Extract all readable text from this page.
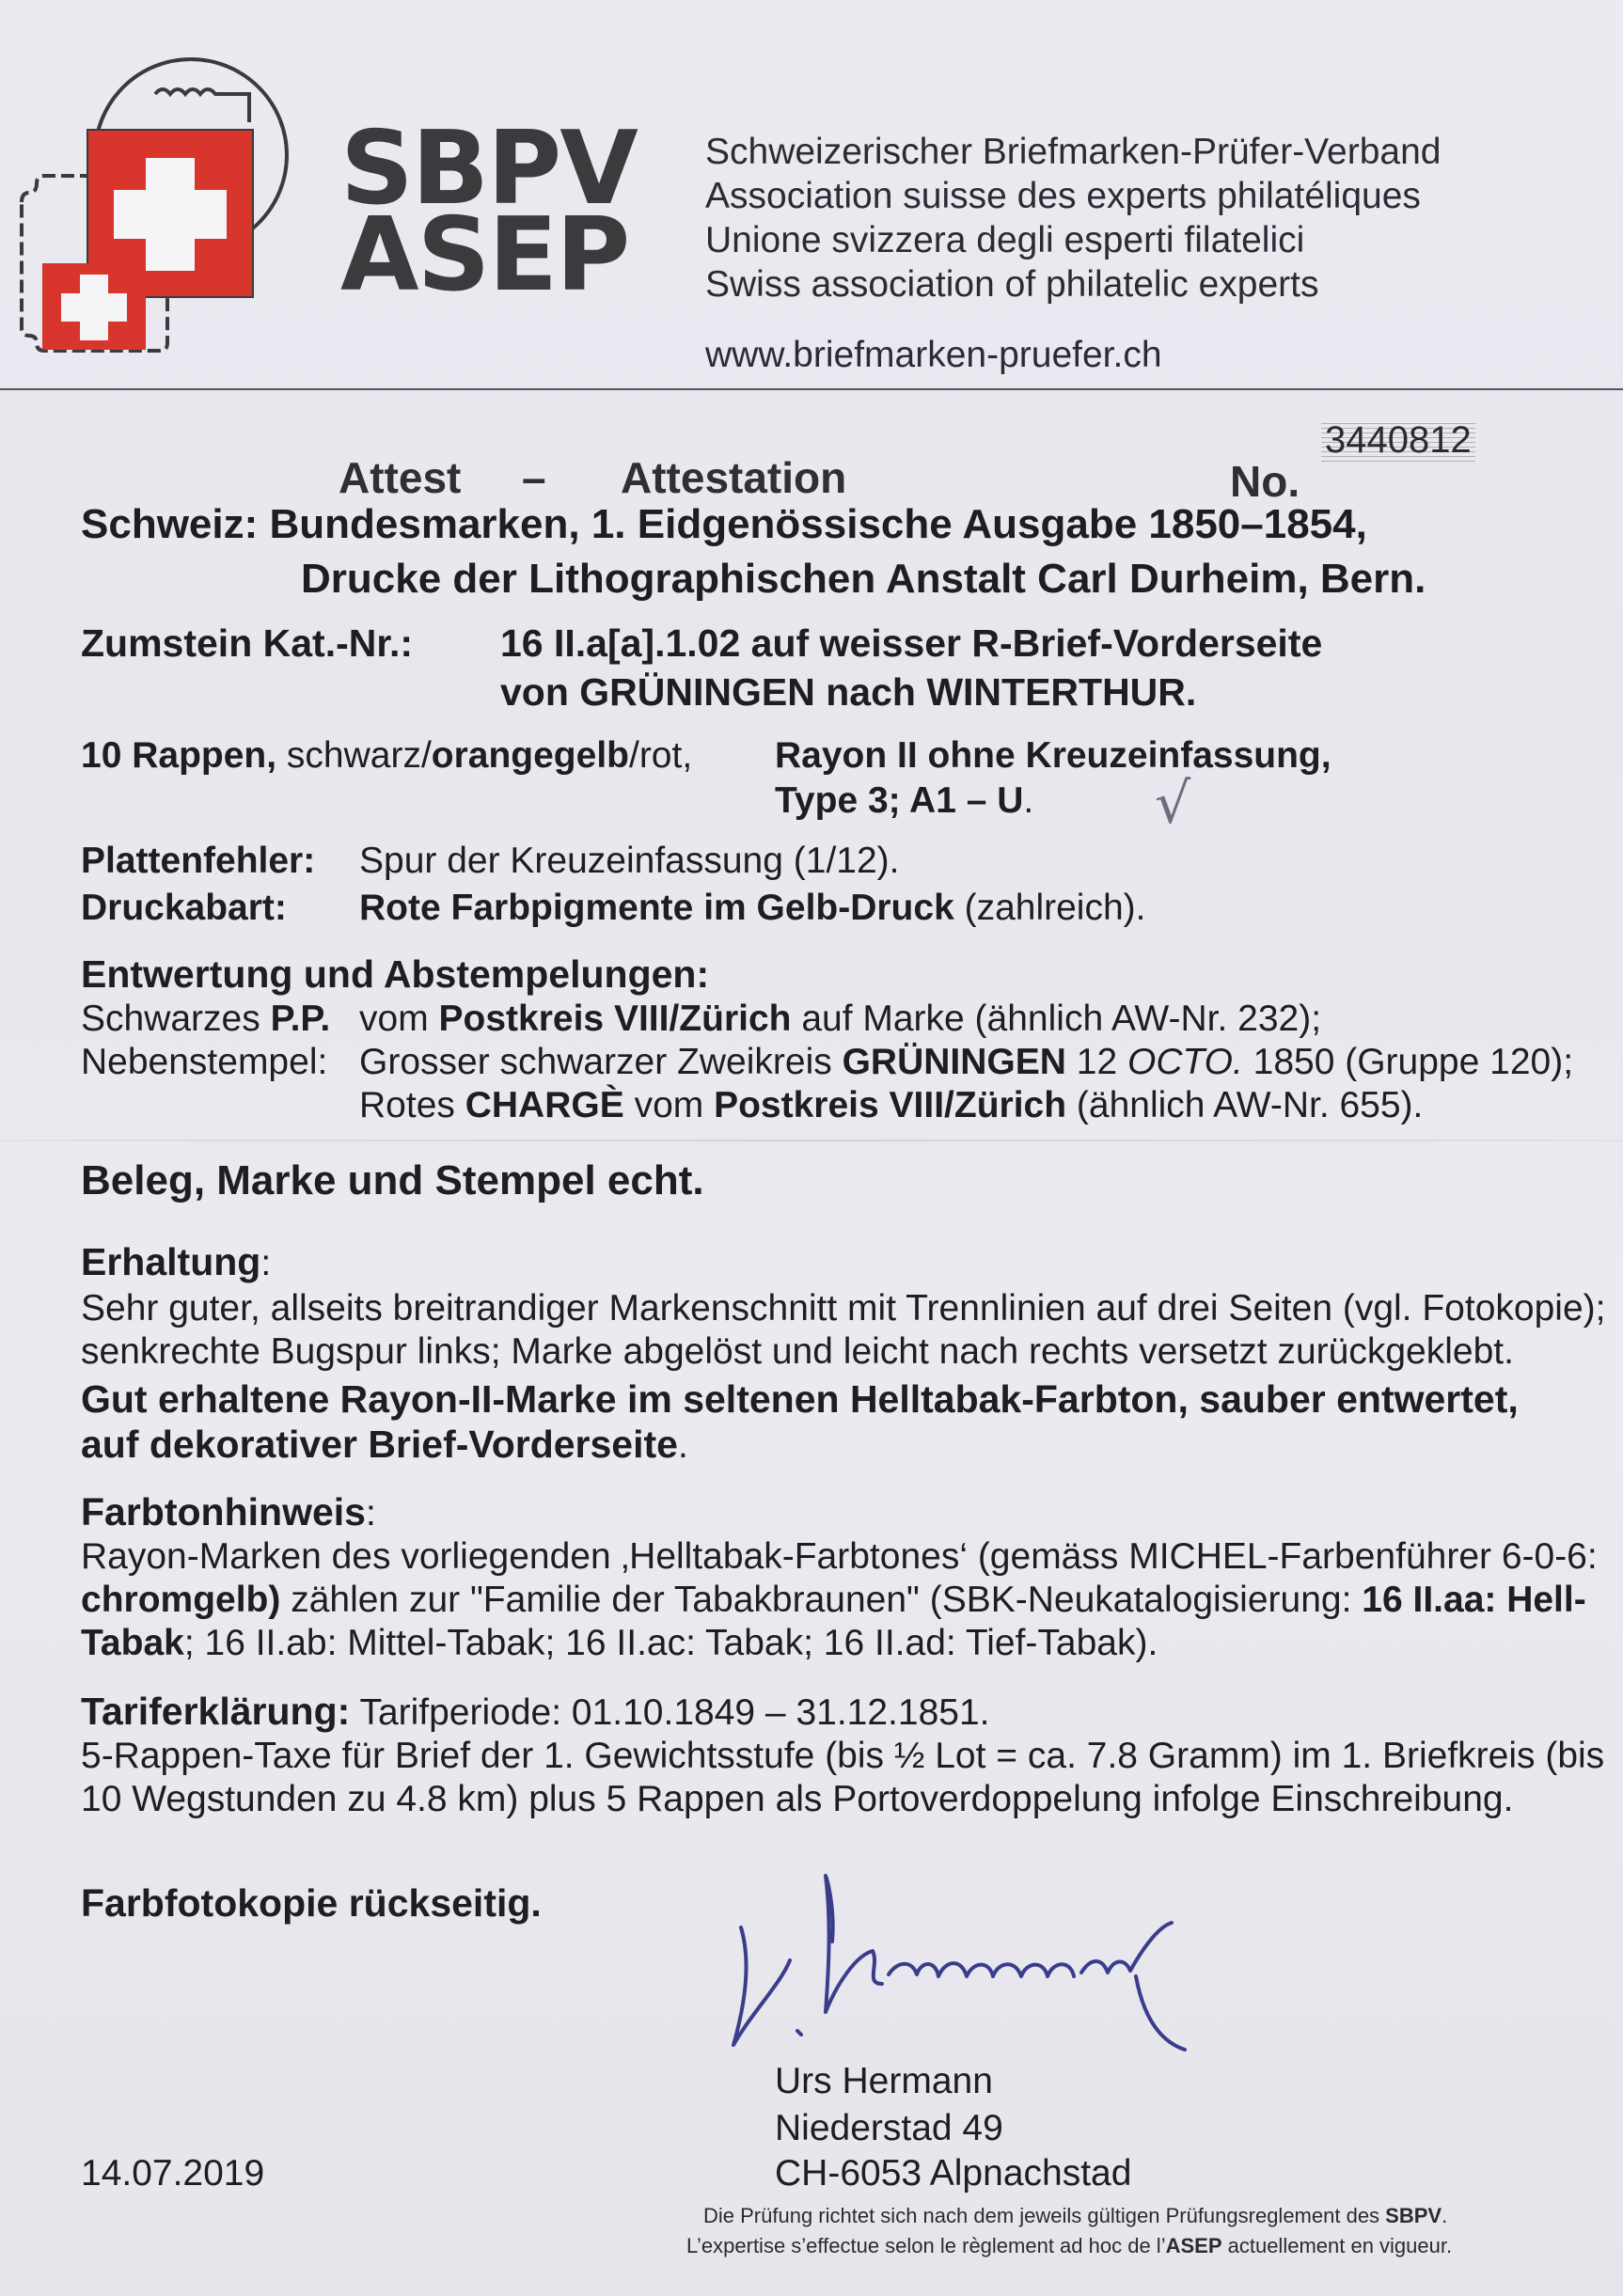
SBPV
ASEP
Schweizerischer Briefmarken-Prüfer-Verband
Association suisse des experts philatéliques
Unione svizzera degli esperti filatelici
Swiss association of philatelic experts
www.briefmarken-pruefer.ch
Attest – Attestation	No.
3440812
Schweiz: Bundesmarken, 1. Eidgenössische Ausgabe 1850–1854,
Drucke der Lithographischen Anstalt Carl Durheim, Bern.
Zumstein Kat.-Nr.: 16 II.a[a].1.02 auf weisser R-Brief-Vorderseite
von GRÜNINGEN nach WINTERTHUR.
10 Rappen, schwarz/orangegelb/rot, Rayon II ohne Kreuzeinfassung,
Type 3; A1 – U. √
Plattenfehler: Spur der Kreuzeinfassung (1/12).
Druckabart: Rote Farbpigmente im Gelb-Druck (zahlreich).
Entwertung und Abstempelungen:
Schwarzes P.P. vom Postkreis VIII/Zürich auf Marke (ähnlich AW-Nr. 232);
Nebenstempel: Grosser schwarzer Zweikreis GRÜNINGEN 12 OCTO. 1850 (Gruppe 120);
Rotes CHARGÈ vom Postkreis VIII/Zürich (ähnlich AW-Nr. 655).
Beleg, Marke und Stempel echt.
Erhaltung:
Sehr guter, allseits breitrandiger Markenschnitt mit Trennlinien auf drei Seiten (vgl. Fotokopie);
senkrechte Bugspur links; Marke abgelöst und leicht nach rechts versetzt zurückgeklebt.
Gut erhaltene Rayon-II-Marke im seltenen Helltabak-Farbton, sauber entwertet,
auf dekorativer Brief-Vorderseite.
Farbtonhinweis:
Rayon-Marken des vorliegenden ‚Helltabak-Farbtones‘ (gemäss MICHEL-Farbenführer 6-0-6:
chromgelb) zählen zur "Familie der Tabakbraunen" (SBK-Neukatalogisierung: 16 II.aa: Hell-
Tabak; 16 II.ab: Mittel-Tabak; 16 II.ac: Tabak; 16 II.ad: Tief-Tabak).
Tariferklärung: Tarifperiode: 01.10.1849 – 31.12.1851.
5-Rappen-Taxe für Brief der 1. Gewichtsstufe (bis ½ Lot = ca. 7.8 Gramm) im 1. Briefkreis (bis
10 Wegstunden zu 4.8 km) plus 5 Rappen als Portoverdoppelung infolge Einschreibung.
Farbfotokopie rückseitig.
Urs Hermann
Niederstad 49
CH-6053 Alpnachstad
14.07.2019
Die Prüfung richtet sich nach dem jeweils gültigen Prüfungsreglement des SBPV.
L’expertise s’effectue selon le règlement ad hoc de l’ASEP actuellement en vigueur.
